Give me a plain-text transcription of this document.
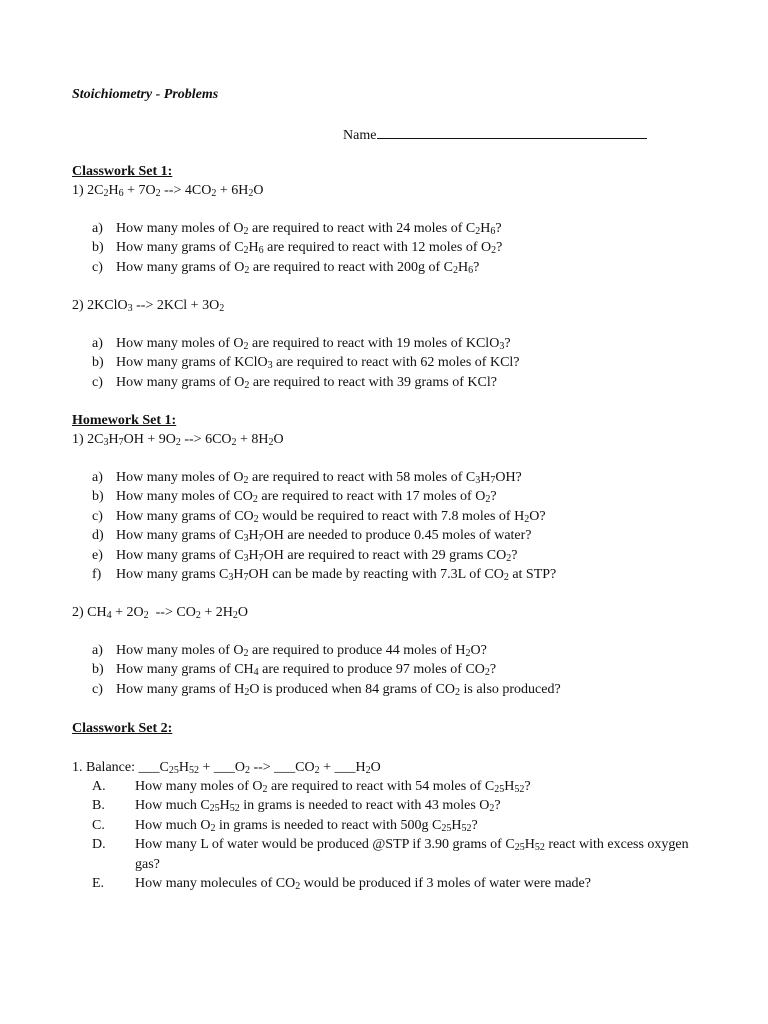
Stoichiometry - Problems
Name
Classwork Set 1:
1) $2C_2H_6 + 7O_2$ --> $4CO_2 + 6H_2O$
a) How many moles of $O_2$ are required to react with 24 moles of $C_2H_6$?
b) How many grams of $C_2H_6$ are required to react with 12 moles of $O_2$?
c) How many grams of $O_2$ are required to react with 200g of $C_2H_6$?
2) 2KClO$_3$ --> $2KCl + 3O_2$
a) How many moles of $O_2$ are required to react with 19 moles of KClO$_3$?
b) How many grams of KClO$_3$ are required to react with 62 moles of KCl?
c) How many grams of $O_2$ are required to react with 39 grams of KCl?
Homework Set 1:
1) $2C_3H_7OH + 9O_2$ --> $6CO_2 + 8H_2O$
a) How many moles of $O_2$ are required to react with 58 moles of $C_3H_7OH$?
b) How many moles of $CO_2$ are required to react with 17 moles of $O_2$?
c) How many grams of $CO_2$ would be required to react with 7.8 moles of $H_2O$?
d) How many grams of $C_3H_7OH$ are needed to produce 0.45 moles of water?
e) How many grams of $C_3H_7OH$ are required to react with 29 grams $CO_2$?
f) How many grams $C_3H_7OH$ can be made by reacting with 7.3L of $CO_2$ at STP?
2) $CH_4 + 2O_2$  --> $CO_2 + 2H_2O$
a) How many moles of $O_2$ are required to produce 44 moles of $H_2O$?
b) How many grams of $CH_4$ are required to produce 97 moles of $CO_2$?
c) How many grams of $H_2O$ is produced when 84 grams of $CO_2$ is also produced?
Classwork Set 2:
1. Balance: $\_\_\_C_{25}H_{52}$ + $\_\_\_O_2$ --> $\_\_\_CO_2$ + $\_\_\_H_2O$
A. How many moles of $O_2$ are required to react with 54 moles of $C_{25}H_{52}$?
B. How much $C_{25}H_{52}$ in grams is needed to react with 43 moles $O_2$?
C. How much $O_2$ in grams is needed to react with 500g $C_{25}H_{52}$?
D. How many L of water would be produced @STP if 3.90 grams of $C_{25}H_{52}$ react with excess oxygen gas?
E. How many molecules of $CO_2$ would be produced if 3 moles of water were made?
